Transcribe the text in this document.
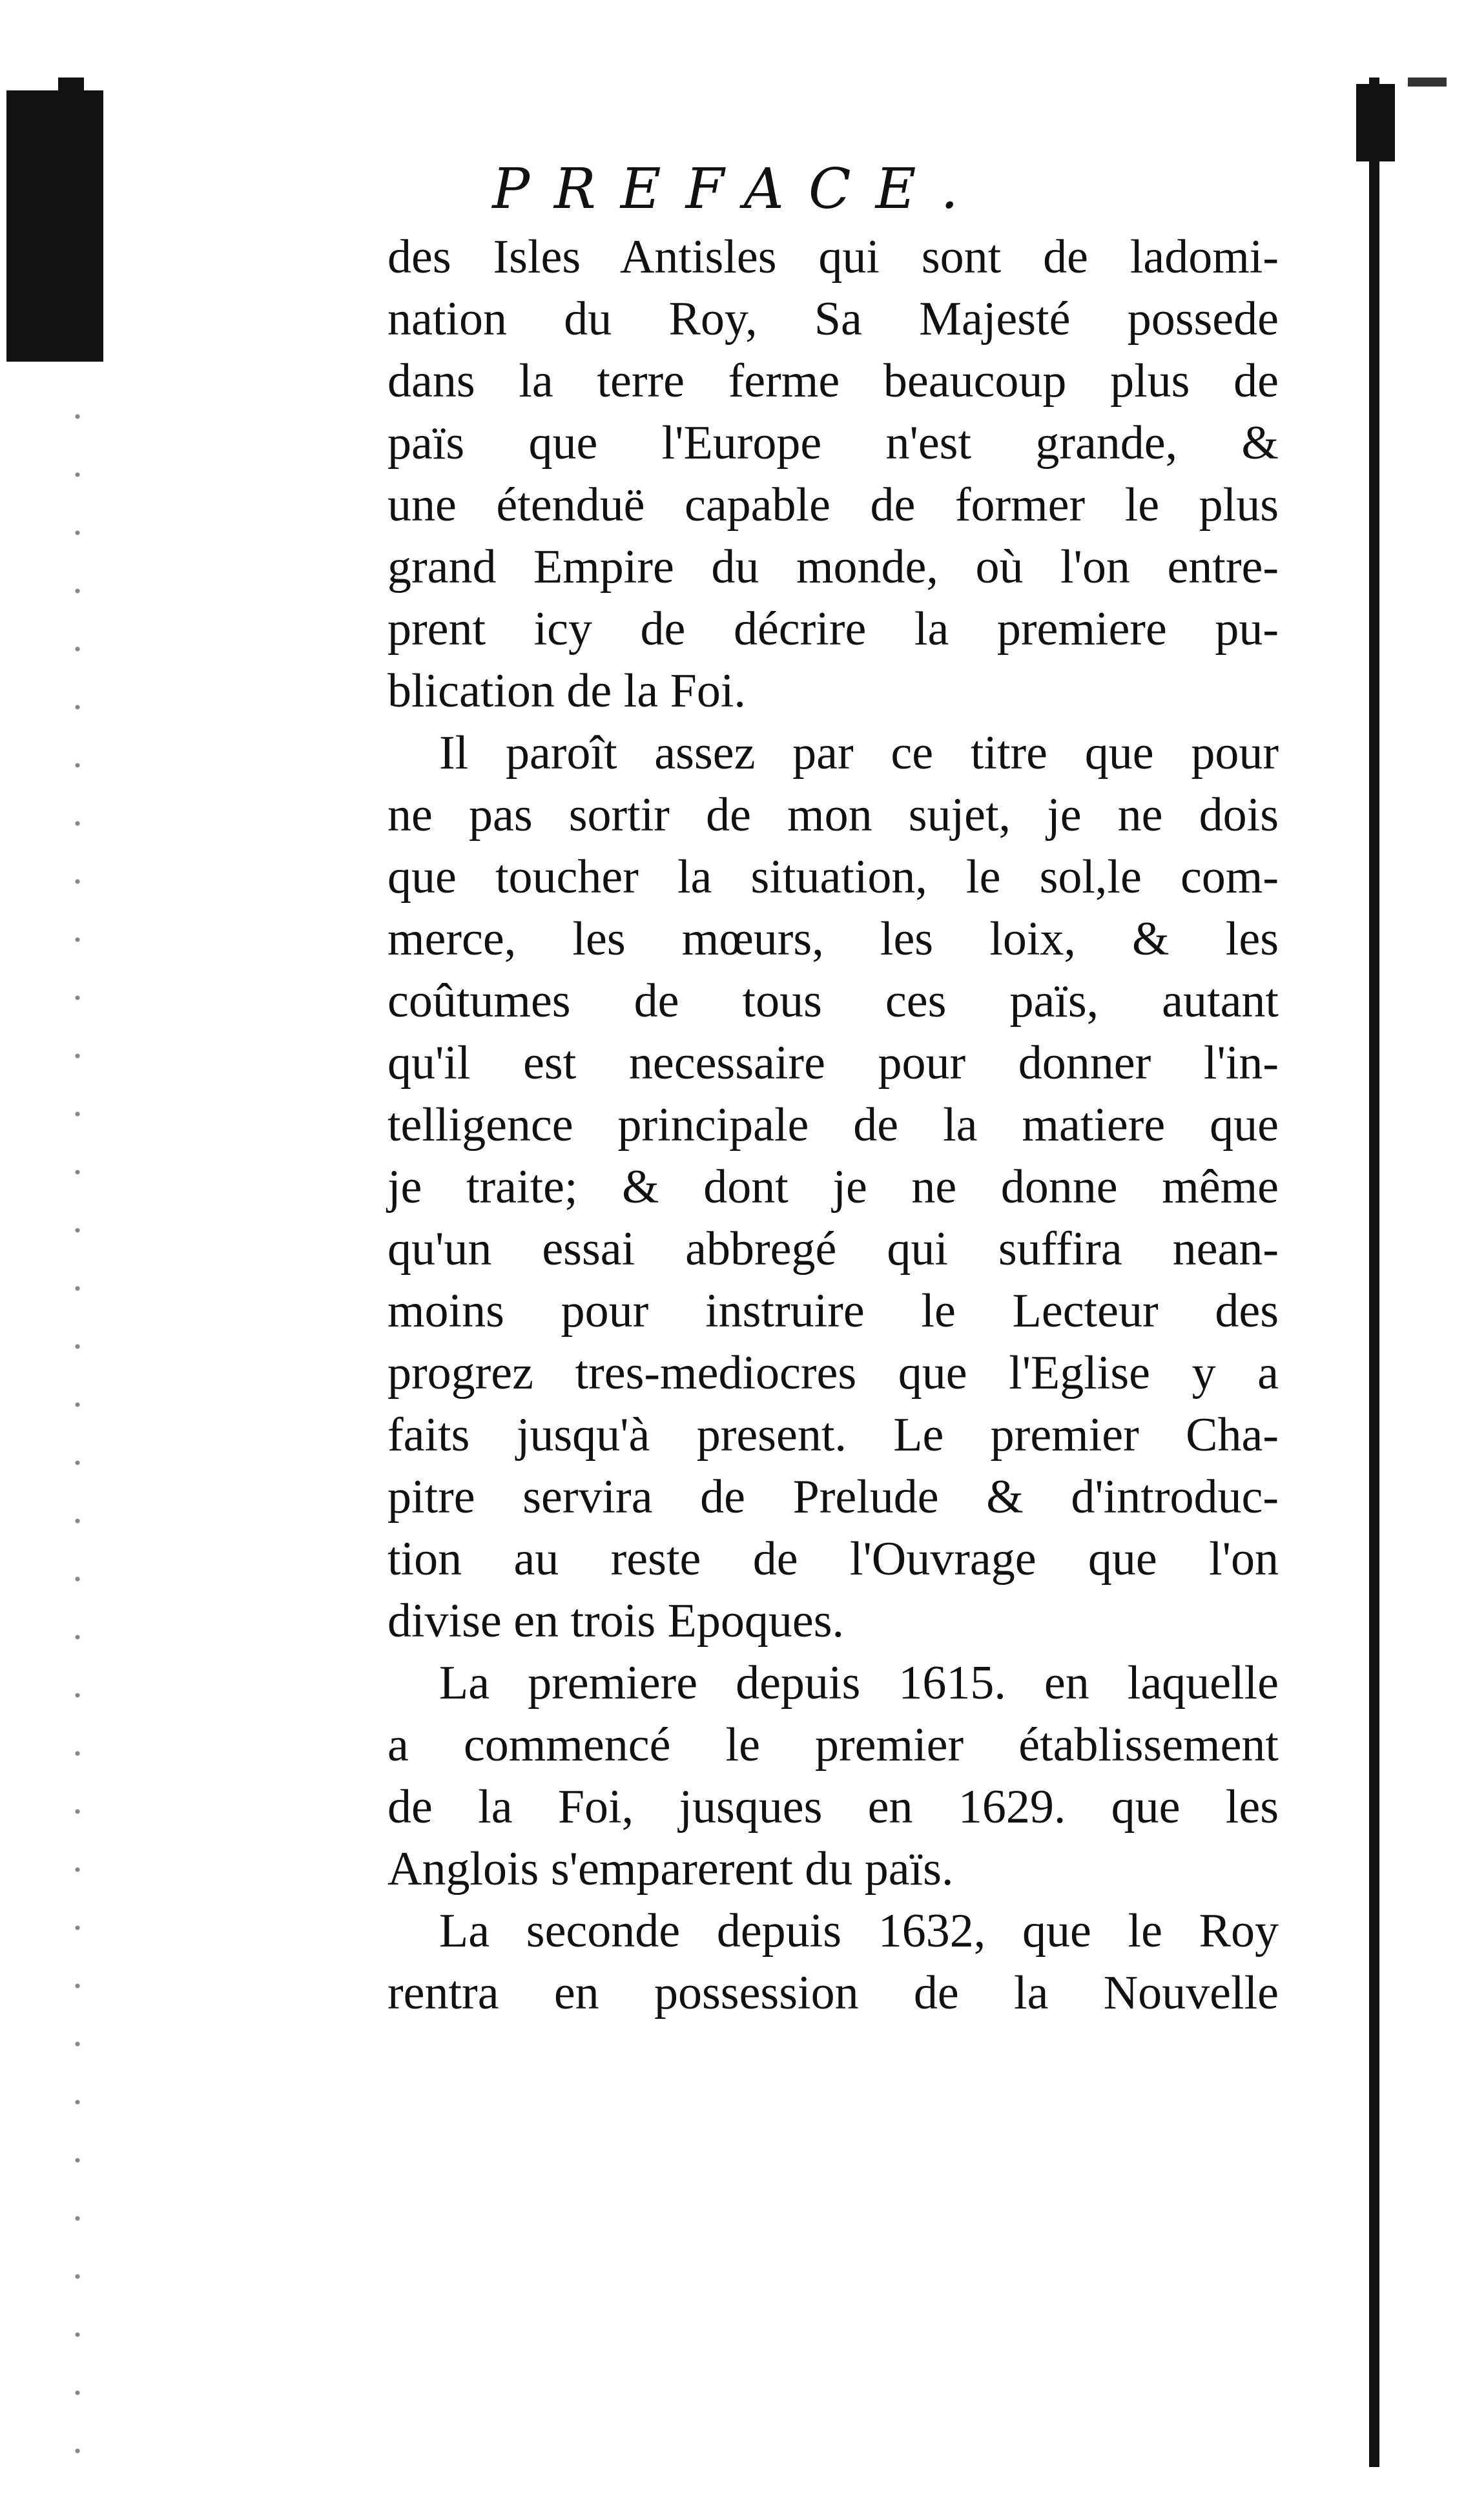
PREFACE.
des Isles Antisles qui sont de ladomi-
nation du Roy, Sa Majesté possede
dans la terre ferme beaucoup plus de
païs que l'Europe n'est grande, &
une étenduë capable de former le plus
grand Empire du monde, où l'on entre-
prent icy de décrire la premiere pu-
blication de la Foi.
Il paroît assez par ce titre que pour
ne pas sortir de mon sujet, je ne dois
que toucher la situation, le sol,le com-
merce, les mœurs, les loix, & les
coûtumes de tous ces païs, autant
qu'il est necessaire pour donner l'in-
telligence principale de la matiere que
je traite; & dont je ne donne même
qu'un essai abbregé qui suffira nean-
moins pour instruire le Lecteur des
progrez tres-mediocres que l'Eglise y a
faits jusqu'à present. Le premier Cha-
pitre servira de Prelude & d'introduc-
tion au reste de l'Ouvrage que l'on
divise en trois Epoques.
La premiere depuis 1615. en laquelle
a commencé le premier établissement
de la Foi, jusques en 1629. que les
Anglois s'emparerent du païs.
La seconde depuis 1632, que le Roy
rentra en possession de la Nouvelle
